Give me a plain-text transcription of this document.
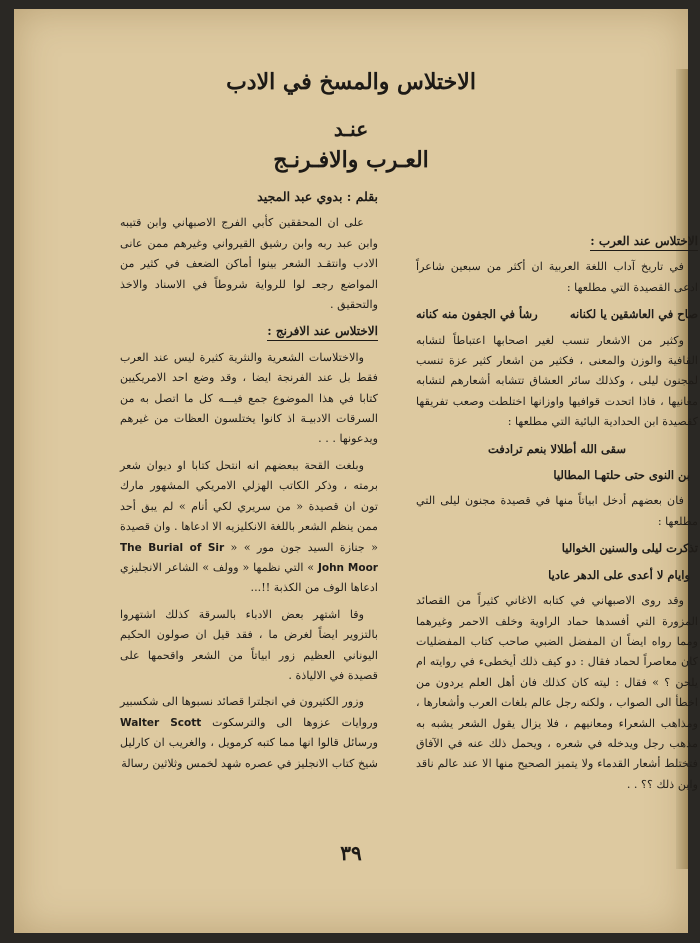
الاختلاس والمسخ في الادب
عنـد
العـرب والافـرنـج

بقلم : بدوي عبد المجيد

على ان المحققين كأبي الفرج الاصبهاني وابن قتيبه وابن عبد ربه وابن رشيق القيرواني وغيرهم ممن عانى الادب وانتقـد الشعر بينوا أماكن الضعف في كثير من المواضع رجعـ لوا للرواية شروطاً في الاسناد والاخذ والتحقيق .

الاختلاس عند الافرنج :

والاختلاسات الشعرية والنثرية كثيرة ليس عند العرب فقط بل عند الفرنجة ايضا ، وقد وضع احد الامريكيين كتابا في هذا الموضوع جمع فيـــه كل ما اتصل به من السرقات الادبيـة اذ كانوا يختلسون العظات من غيرهم ويدعونها . . .

وبلغت القحة ببعضهم انه انتحل كتابا او ديوان شعر برمته ، وذكر الكاتب الهزلي الامريكي المشهور مارك تون ان قصيدة « من سريري لكي أنام » لم يبق أحد ممن ينظم الشعر باللغة الانكليزيه الا ادعاها . وان قصيدة « جنازة السيد جون مور » « The Burial of Sir John Moor » التي نظمها « وولف » الشاعر الانجليزي ادعاها الوف من الكذبة !!...

وقا اشتهر بعض الادباء بالسرقة كذلك اشتهروا بالتزوير ايضاً لغرض ما ، فقد قيل ان صولون الحكيم اليوناني العظيم زور ابياتاً من الشعر واقحمها على قصيدة في الالياذة .

وزور الكثيرون في انجلترا قصائد نسبوها الى شكسبير وروايات عزوها الى والترسكوت Walter Scott ورسائل قالوا انها مما كتبه كرمويل ، والغريب ان كارليل شيخ كتاب الانجليز في عصره شهد لخمس وثلاثين رسالة

الاختلاس عند العرب :

في تاريخ آداب اللغة العربية ان أكثر من سبعين شاعراً ادعى القصيدة التي مطلعها :

صاح في العاشقين يا لكنانه
رشأ في الجفون منه كنانه

وكثير من الاشعار تنسب لغير اصحابها اعتباطاً لتشابه القافية والوزن والمعنى ، فكثير من اشعار كثير عزة تنسب لمجنون ليلى ، وكذلك سائر العشاق تتشابه أشعارهم لتشابه معانيها ، فاذا اتحدت قوافيها واوزانها اختلطت وصعب تفريقها كقصيدة ابن الحدادية البائية التي مطلعها :

سقى الله أطلالا بنعم ترادفت

بن النوى حتى حلتهـا المطاليا

فان بعضهم أدخل ابياتاً منها في قصيدة مجنون ليلى التي مطلعها :

تذكرت ليلى والسنين الخواليا

وايام لا أعدى على الدهر عاديا

وقد روى الاصبهاني في كتابه الاغاني كثيراً من القصائد المزورة التي أفسدها حماد الراوية وخلف الاحمر وغيرهما ومما رواه ايضاً ان المفضل الضبي صاحب كتاب المفضليات كان معاصراً لحماد فقال : دو كيف ذلك أيخطىء في روايته ام يلحن ؟ » فقال : ليته كان كذلك فان أهل العلم يردون من اخطأ الى الصواب ، ولكنه رجل عالم بلغات العرب وأشعارها ، ومذاهب الشعراء ومعانيهم ، فلا يزال يقول الشعر يشبه به مذهب رجل ويدخله في شعره ، ويحمل ذلك عنه في الآفاق فتختلط أشعار القدماء ولا يتميز الصحيح منها الا عند عالم ناقد واين ذلك ؟؟ . .

٣٩
